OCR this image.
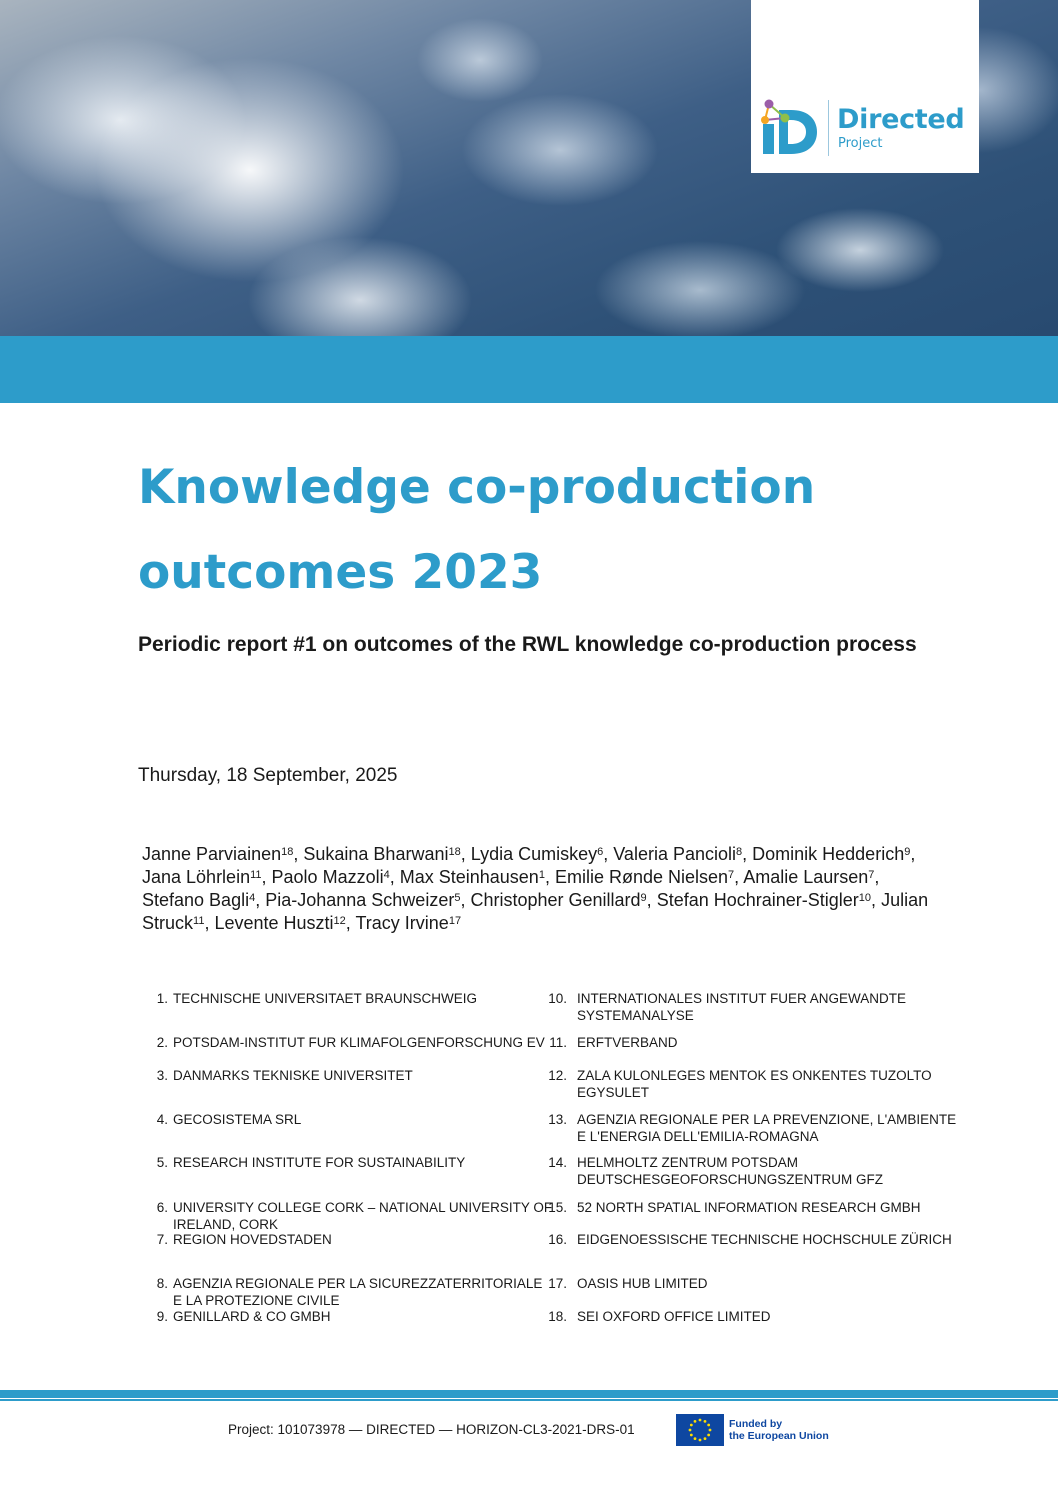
Directed
Project
Knowledge co-production outcomes 2023

Periodic report #1 on outcomes of the RWL knowledge co-production process

Thursday, 18 September, 2025
Janne Parviainen$^{18}$, Sukaina Bharwani$^{18}$, Lydia Cumiskey$^6$, Valeria Pancioli$^8$, Dominik Hedderich$^9$, Jana Löhrlein$^{11}$, Paolo Mazzoli$^4$, Max Steinhausen$^1$, Emilie Rønde Nielsen$^7$, Amalie Laursen$^7$, Stefano Bagli$^4$, Pia-Johanna Schweizer$^5$, Christopher Genillard$^9$, Stefan Hochrainer-Stigler$^{10}$, Julian Struck$^{11}$, Levente Huszti$^{12}$, Tracy Irvine$^{17}$
1. TECHNISCHE UNIVERSITAET BRAUNSCHWEIG
2. POTSDAM-INSTITUT FUR KLIMAFOLGENFORSCHUNG EV
3. DANMARKS TEKNISKE UNIVERSITET
4. GECOSISTEMA SRL
5. RESEARCH INSTITUTE FOR SUSTAINABILITY
6. UNIVERSITY COLLEGE CORK – NATIONAL UNIVERSITY OF IRELAND, CORK
7. REGION HOVEDSTADEN
8. AGENZIA REGIONALE PER LA SICUREZZATERRITORIALE E LA PROTEZIONE CIVILE
9. GENILLARD & CO GMBH
10. INTERNATIONALES INSTITUT FUER ANGEWANDTE SYSTEMANALYSE
11. ERFTVERBAND
12. ZALA KULONLEGES MENTOK ES ONKENTES TUZOLTO EGYSULET
13. AGENZIA REGIONALE PER LA PREVENZIONE, L'AMBIENTE E L'ENERGIA DELL'EMILIA-ROMAGNA
14. HELMHOLTZ ZENTRUM POTSDAM DEUTSCHESGEOFORSCHUNGSZENTRUM GFZ
15. 52 NORTH SPATIAL INFORMATION RESEARCH GMBH
16. EIDGENOESSISCHE TECHNISCHE HOCHSCHULE ZÜRICH
17. OASIS HUB LIMITED
18. SEI OXFORD OFFICE LIMITED
Project: 101073978 — DIRECTED — HORIZON-CL3-2021-DRS-01	Funded by
the European Union
